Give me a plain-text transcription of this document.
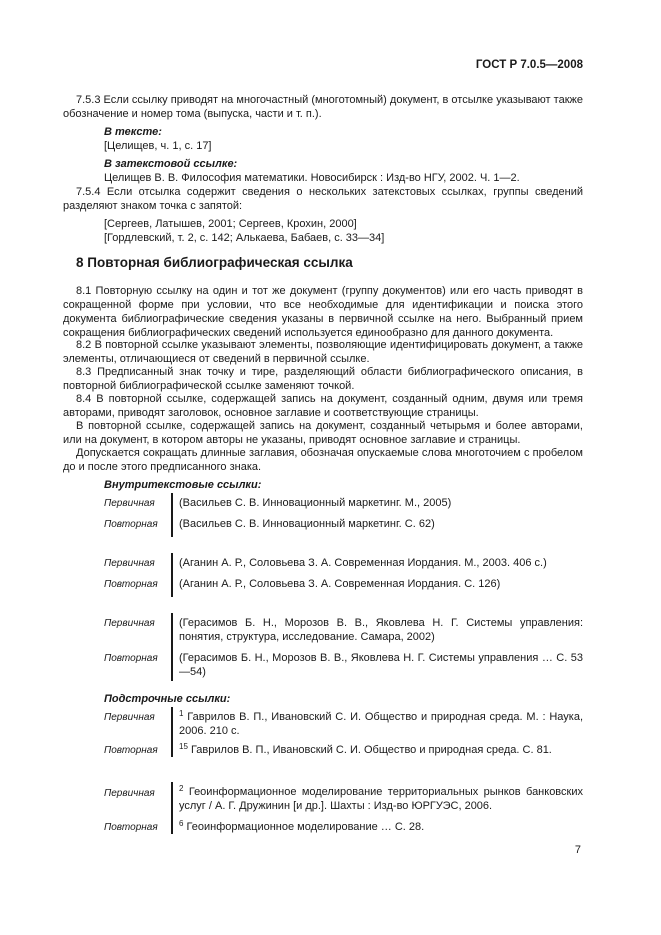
ГОСТ Р 7.0.5—2008
7.5.3 Если ссылку приводят на многочастный (многотомный) документ, в отсылке указывают также обозначение и номер тома (выпуска, части и т. п.).
В тексте:
[Целищев, ч. 1, с. 17]
В затекстовой ссылке:
Целищев В. В. Философия математики. Новосибирск : Изд-во НГУ, 2002. Ч. 1—2.
7.5.4 Если отсылка содержит сведения о нескольких затекстовых ссылках, группы сведений разделяют знаком точка с запятой:
[Сергеев, Латышев, 2001; Сергеев, Крохин, 2000]
[Гордлевский, т. 2, с. 142; Алькаева, Бабаев, с. 33—34]
8 Повторная библиографическая ссылка
8.1 Повторную ссылку на один и тот же документ (группу документов) или его часть приводят в сокращенной форме при условии, что все необходимые для идентификации и поиска этого документа библиографические сведения указаны в первичной ссылке на него. Выбранный прием сокращения библиографических сведений используется единообразно для данного документа.
8.2 В повторной ссылке указывают элементы, позволяющие идентифицировать документ, а также элементы, отличающиеся от сведений в первичной ссылке.
8.3 Предписанный знак точку и тире, разделяющий области библиографического описания, в повторной библиографической ссылке заменяют точкой.
8.4 В повторной ссылке, содержащей запись на документ, созданный одним, двумя или тремя авторами, приводят заголовок, основное заглавие и соответствующие страницы.
В повторной ссылке, содержащей запись на документ, созданный четырьмя и более авторами, или на документ, в котором авторы не указаны, приводят основное заглавие и страницы.
Допускается сокращать длинные заглавия, обозначая опускаемые слова многоточием с пробелом до и после этого предписанного знака.
Внутритекстовые ссылки:
Первичная (Васильев С. В. Инновационный маркетинг. М., 2005)
Повторная (Васильев С. В. Инновационный маркетинг. С. 62)
Первичная (Аганин А. Р., Соловьева З. А. Современная Иордания. М., 2003. 406 с.)
Повторная (Аганин А. Р., Соловьева З. А. Современная Иордания. С. 126)
Первичная (Герасимов Б. Н., Морозов В. В., Яковлева Н. Г. Системы управления: понятия, структура, исследование. Самара, 2002)
Повторная (Герасимов Б. Н., Морозов В. В., Яковлева Н. Г. Системы управления … С. 53—54)
Подстрочные ссылки:
Первичная	$^1$ Гаврилов В. П., Ивановский С. И. Общество и природная среда. М. : Наука, 2006. 210 с.
Повторная	$^{15}$ Гаврилов В. П., Ивановский С. И. Общество и природная среда. С. 81.
Первичная	$^2$ Геоинформационное моделирование территориальных рынков банковских услуг / А. Г. Дружинин [и др.]. Шахты : Изд-во ЮРГУЭС, 2006.
Повторная	$^6$ Геоинформационное моделирование … С. 28.
7
